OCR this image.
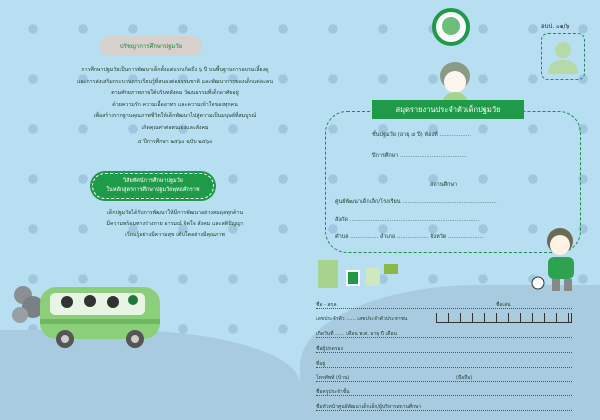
ปรัชญาการศึกษาปฐมวัย
การศึกษาปฐมวัยเป็นการพัฒนาเด็กตั้งแต่แรกเกิดถึง ๖ ปี บนพื้นฐานการอบรมเลี้ยงดู
และการส่งเสริมกระบวนการเรียนรู้ที่สนองต่อธรรมชาติ และพัฒนาการของเด็กแต่ละคน
ตามศักยภาพภายใต้บริบทสังคม วัฒนธรรมที่เด็กอาศัยอยู่
ด้วยความรัก ความเอื้ออาทร และความเข้าใจของทุกคน
เพื่อสร้างรากฐานคุณภาพชีวิตให้เด็กพัฒนาไปสู่ความเป็นมนุษย์ที่สมบูรณ์
เกิดคุณค่าต่อตนเองและสังคม
๔ ปีการศึกษา ๒๕๖๐ ฉบับ ๒๕๖๐
วิสัยทัศน์การศึกษาปฐมวัย
ในหลักสูตรการศึกษาปฐมวัยพุทธศักราช
เด็กปฐมวัยได้รับการพัฒนาให้มีการพัฒนาอย่างสมดุลทุกด้าน
มีความพร้อมทางร่างกาย อารมณ์ จิตใจ สังคม และสติปัญญา
เรียนรู้อย่างมีความสุข เติบโตอย่างมีคุณภาพ
อบป. ๐๑/๖
สมุดรายงานประจำตัวเด็กปฐมวัย
ชั้นปฐมวัย (อายุ ๔ ปี) ห้องที่ ..................
ปีการศึกษา ......................................
สถานศึกษา
ศูนย์พัฒนาเด็กเล็ก/โรงเรียน ......................................................
สังกัด ..........................................................................
ตำบล ................ อำเภอ .................. จังหวัด ....................
ชื่อ - สกุล	ชื่อเล่น
เลขประจำตัว ...... เลขประจำตัวประชาชน
เกิดวันที่ ...... เดือน พ.ศ. อายุ ปี เดือน
ชื่อผู้ปกครอง
ที่อยู่
โทรศัพท์ (บ้าน)	(มือถือ)
ชื่อครูประจำชั้น
ชื่อหัวหน้าศูนย์พัฒนาเด็กเล็ก/ผู้บริหารสถานศึกษา
